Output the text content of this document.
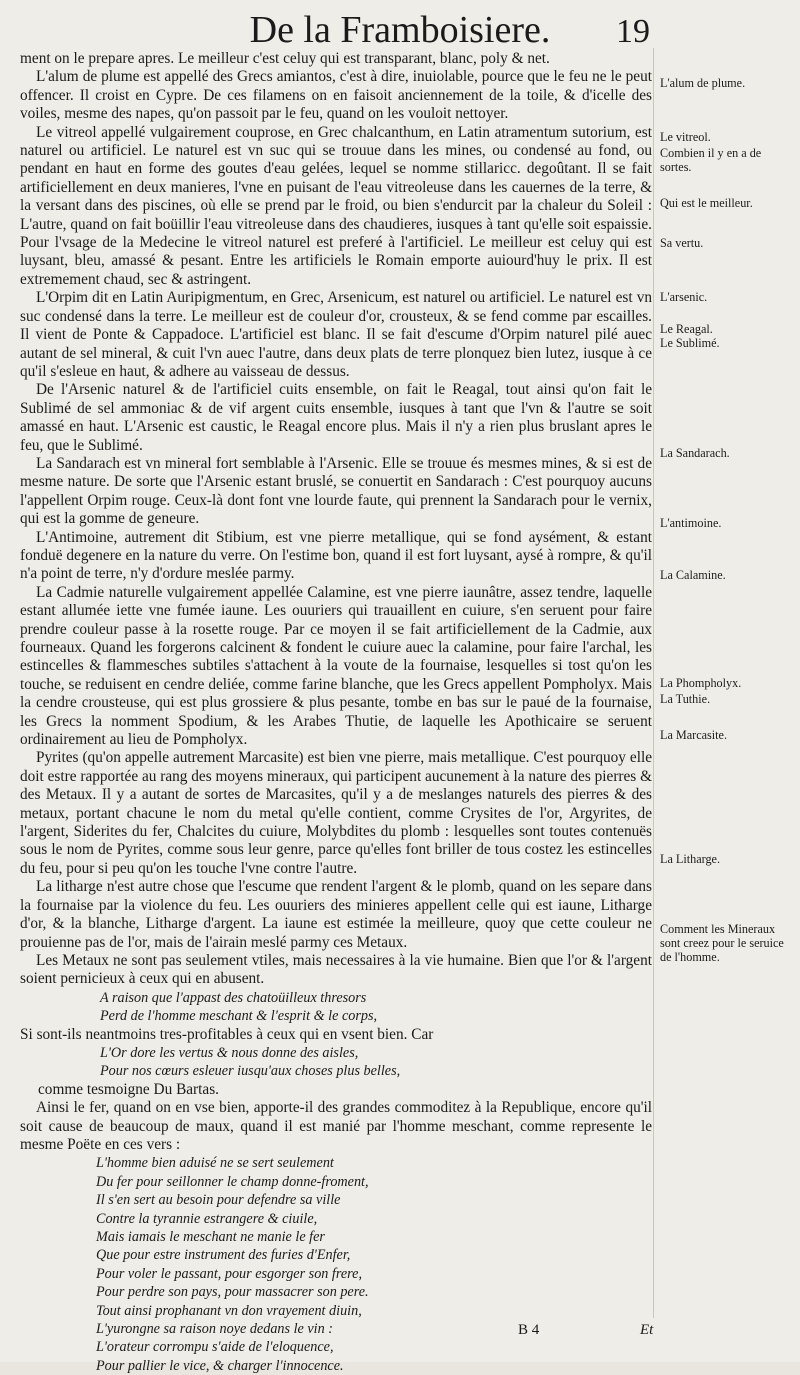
De la Framboisiere.	19

ment on le prepare apres. Le meilleur c'est celuy qui est transparant, blanc, poly & net.

L'alum de plume est appellé des Grecs amiantos, c'est à dire, inuiolable, pource que le feu ne le peut offencer. Il croist en Cypre. De ces filamens on en faisoit anciennement de la toile, & d'icelle des voiles, mesme des napes, qu'on passoit par le feu, quand on les vouloit nettoyer.

Le vitreol appellé vulgairement couprose, en Grec chalcanthum, en Latin atramentum sutorium, est naturel ou artificiel. Le naturel est vn suc qui se trouue dans les mines, ou condensé au fond, ou pendant en haut en forme des goutes d'eau gelées, lequel se nomme stillaricc. degoûtant. Il se fait artificiellement en deux manieres, l'vne en puisant de l'eau vitreoleuse dans les cauernes de la terre, & la versant dans des piscines, où elle se prend par le froid, ou bien s'endurcit par la chaleur du Soleil : L'autre, quand on fait boüillir l'eau vitreoleuse dans des chaudieres, iusques à tant qu'elle soit espaissie. Pour l'vsage de la Medecine le vitreol naturel est preferé à l'artificiel. Le meilleur est celuy qui est luysant, bleu, amassé & pesant. Entre les artificiels le Romain emporte auiourd'huy le prix. Il est extremement chaud, sec & astringent.

L'Orpim dit en Latin Auripigmentum, en Grec, Arsenicum, est naturel ou artificiel. Le naturel est vn suc condensé dans la terre. Le meilleur est de couleur d'or, crousteux, & se fend comme par escailles. Il vient de Ponte & Cappadoce. L'artificiel est blanc. Il se fait d'escume d'Orpim naturel pilé auec autant de sel mineral, & cuit l'vn auec l'autre, dans deux plats de terre plonquez bien lutez, iusque à ce qu'il s'esleue en haut, & adhere au vaisseau de dessus.

De l'Arsenic naturel & de l'artificiel cuits ensemble, on fait le Reagal, tout ainsi qu'on fait le Sublimé de sel ammoniac & de vif argent cuits ensemble, iusques à tant que l'vn & l'autre se soit amassé en haut. L'Arsenic est caustic, le Reagal encore plus. Mais il n'y a rien plus bruslant apres le feu, que le Sublimé.

La Sandarach est vn mineral fort semblable à l'Arsenic. Elle se trouue és mesmes mines, & si est de mesme nature. De sorte que l'Arsenic estant bruslé, se conuertit en Sandarach : C'est pourquoy aucuns l'appellent Orpim rouge. Ceux-là dont font vne lourde faute, qui prennent la Sandarach pour le vernix, qui est la gomme de geneure.

L'Antimoine, autrement dit Stibium, est vne pierre metallique, qui se fond aysément, & estant fonduë degenere en la nature du verre. On l'estime bon, quand il est fort luysant, aysé à rompre, & qu'il n'a point de terre, n'y d'ordure meslée parmy.

La Cadmie naturelle vulgairement appellée Calamine, est vne pierre iaunâtre, assez tendre, laquelle estant allumée iette vne fumée iaune. Les ouuriers qui trauaillent en cuiure, s'en seruent pour faire prendre couleur passe à la rosette rouge. Par ce moyen il se fait artificiellement de la Cadmie, aux fourneaux. Quand les forgerons calcinent & fondent le cuiure auec la calamine, pour faire l'archal, les estincelles & flammesches subtiles s'attachent à la voute de la fournaise, lesquelles si tost qu'on les touche, se reduisent en cendre deliée, comme farine blanche, que les Grecs appellent Pompholyx. Mais la cendre crousteuse, qui est plus grossiere & plus pesante, tombe en bas sur le paué de la fournaise, les Grecs la nomment Spodium, & les Arabes Thutie, de laquelle les Apothicaire se seruent ordinairement au lieu de Pompholyx.

Pyrites (qu'on appelle autrement Marcasite) est bien vne pierre, mais metallique. C'est pourquoy elle doit estre rapportée au rang des moyens mineraux, qui participent aucunement à la nature des pierres & des Metaux. Il y a autant de sortes de Marcasites, qu'il y a de meslanges naturels des pierres & des metaux, portant chacune le nom du metal qu'elle contient, comme Crysites de l'or, Argyrites, de l'argent, Siderites du fer, Chalcites du cuiure, Molybdites du plomb : lesquelles sont toutes contenuës sous le nom de Pyrites, comme sous leur genre, parce qu'elles font briller de tous costez les estincelles du feu, pour si peu qu'on les touche l'vne contre l'autre.

La litharge n'est autre chose que l'escume que rendent l'argent & le plomb, quand on les separe dans la fournaise par la violence du feu. Les ouuriers des minieres appellent celle qui est iaune, Litharge d'or, & la blanche, Litharge d'argent. La iaune est estimée la meilleure, quoy que cette couleur ne prouienne pas de l'or, mais de l'airain meslé parmy ces Metaux.

Les Metaux ne sont pas seulement vtiles, mais necessaires à la vie humaine. Bien que l'or & l'argent soient pernicieux à ceux qui en abusent.

A raison que l'appast des chatoüilleux thresors
Perd de l'homme meschant & l'esprit & le corps,

Si sont-ils neantmoins tres-profitables à ceux qui en vsent bien. Car

L'Or dore les vertus & nous donne des aisles,
Pour nos cœurs esleuer iusqu'aux choses plus belles,

comme tesmoigne Du Bartas.

Ainsi le fer, quand on en vse bien, apporte-il des grandes commoditez à la Republique, encore qu'il soit cause de beaucoup de maux, quand il est manié par l'homme meschant, comme represente le mesme Poëte en ces vers :

L'homme bien aduisé ne se sert seulement
Du fer pour seillonner le champ donne-froment,
Il s'en sert au besoin pour defendre sa ville
Contre la tyrannie estrangere & ciuile,
Mais iamais le meschant ne manie le fer
Que pour estre instrument des furies d'Enfer,
Pour voler le passant, pour esgorger son frere,
Pour perdre son pays, pour massacrer son pere.
Tout ainsi prophanant vn don vrayement diuin,
L'yurongne sa raison noye dedans le vin :
L'orateur corrompu s'aide de l'eloquence,
Pour pallier le vice, & charger l'innocence.
L'alum de plume.
Le vitreol.
Combien il y en a de sortes.
Qui est le meilleur.
Sa vertu.
L'arsenic.
Le Reagal.
Le Sublimé.
La Sandarach.
L'antimoine.
La Calamine.
La Phompholyx.
La Tuthie.
La Marcasite.
La Litharge.
Comment les Mineraux sont creez pour le seruice de l'homme.
B 4	Et
